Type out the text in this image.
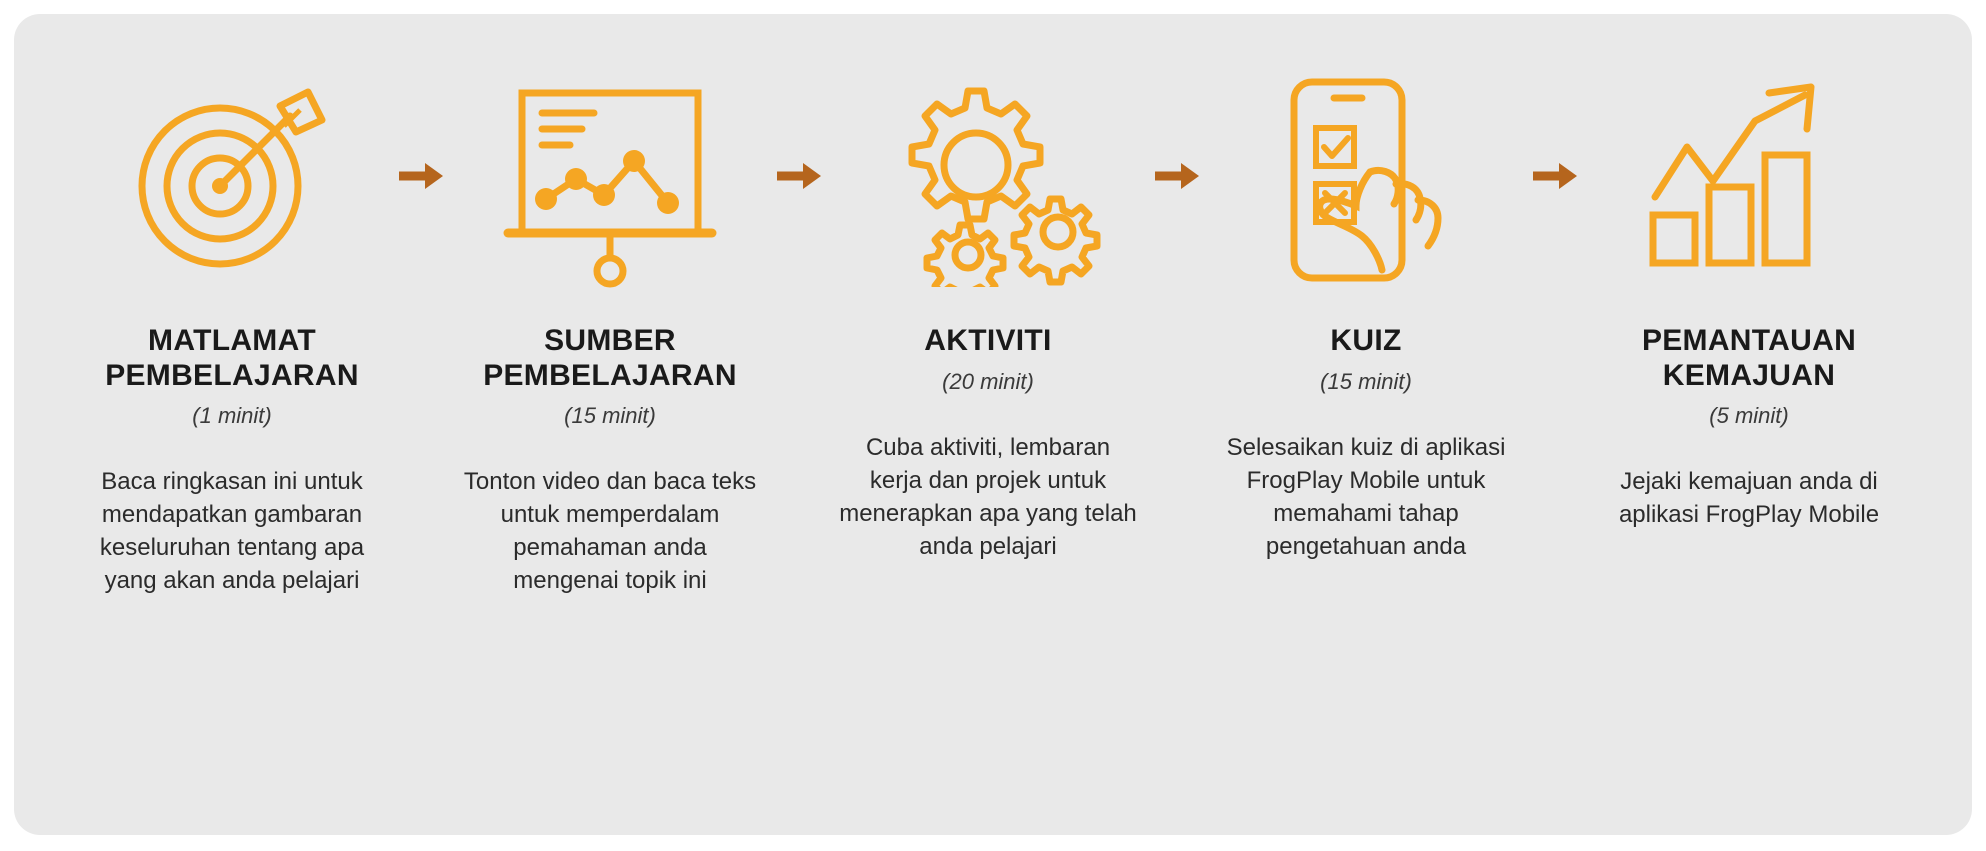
MATLAMAT PEMBELAJARAN
(1 minit)
Baca ringkasan ini untuk mendapatkan gambaran keseluruhan tentang apa yang akan anda pelajari
SUMBER PEMBELAJARAN
(15 minit)
Tonton video dan baca teks untuk memperdalam pemahaman anda mengenai topik ini
AKTIVITI
(20 minit)
Cuba aktiviti, lembaran kerja dan projek untuk menerapkan apa yang telah anda pelajari
KUIZ
(15 minit)
Selesaikan kuiz di aplikasi FrogPlay Mobile untuk memahami tahap pengetahuan anda
PEMANTAUAN KEMAJUAN
(5 minit)
Jejaki kemajuan anda di aplikasi FrogPlay Mobile
